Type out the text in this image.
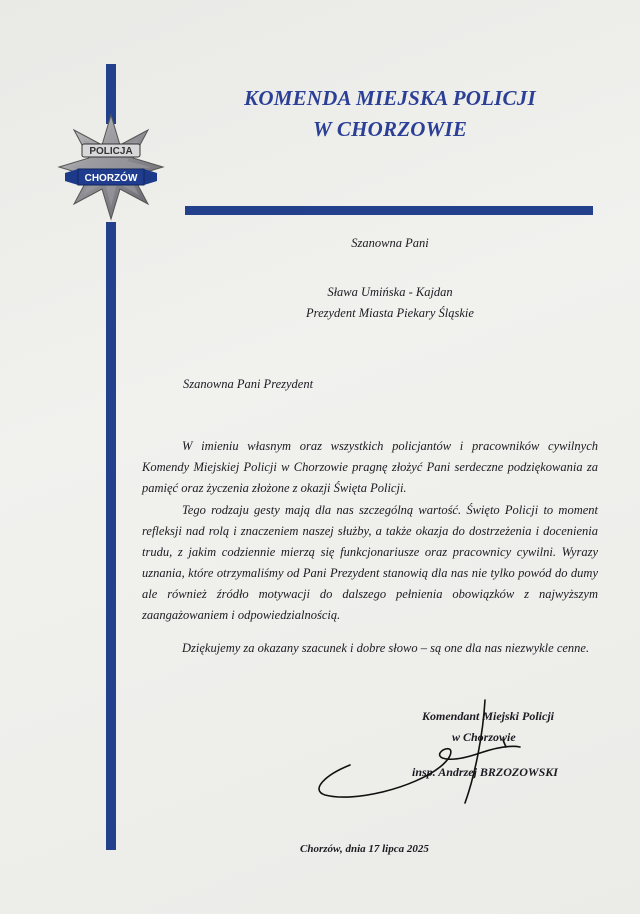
POLICJA
CHORZÓW
KOMENDA MIEJSKA POLICJI
W CHORZOWIE
Szanowna Pani
Sława Umińska - Kajdan
Prezydent Miasta Piekary Śląskie
Szanowna Pani Prezydent
W imieniu własnym oraz wszystkich policjantów i pracowników cywilnych Komendy Miejskiej Policji w Chorzowie pragnę złożyć Pani serdeczne podziękowania za pamięć oraz życzenia złożone z okazji Święta Policji.
Tego rodzaju gesty mają dla nas szczególną wartość. Święto Policji to moment refleksji nad rolą i znaczeniem naszej służby, a także okazja do dostrzeżenia i docenienia trudu, z jakim codziennie mierzą się funkcjonariusze oraz pracownicy cywilni. Wyrazy uznania, które otrzymaliśmy od Pani Prezydent stanowią dla nas nie tylko powód do dumy ale również źródło motywacji do dalszego pełnienia obowiązków z najwyższym zaangażowaniem i odpowiedzialnością.
Dziękujemy za okazany szacunek i dobre słowo – są one dla nas niezwykle cenne.
Komendant Miejski Policji
w Chorzowie
insp. Andrzej BRZOZOWSKI
Chorzów, dnia 17 lipca 2025
